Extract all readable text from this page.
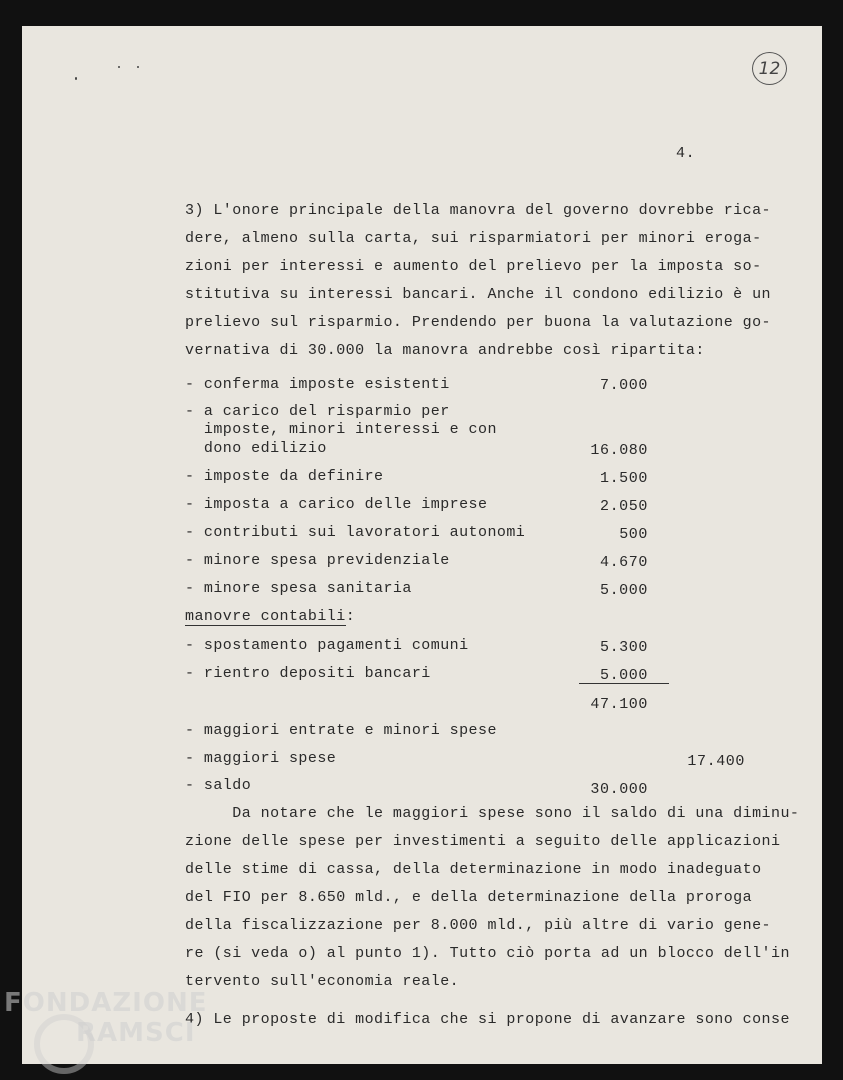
12
4.
3) L'onore principale della manovra del governo dovrebbe rica-
dere, almeno sulla carta, sui risparmiatori per minori eroga-
zioni per interessi e aumento del prelievo per la imposta so-
stitutiva su interessi bancari. Anche il condono edilizio è un
prelievo sul risparmio. Prendendo per buona la valutazione go-
vernativa di 30.000 la manovra andrebbe così ripartita:
- conferma imposte esistenti	7.000
- a carico del risparmio per
imposte, minori interessi e con
dono edilizio	16.080
- imposte da definire	1.500
- imposta a carico delle imprese	2.050
- contributi sui lavoratori autonomi	500
- minore spesa previdenziale	4.670
- minore spesa sanitaria	5.000
manovre contabili:
- spostamento pagamenti comuni	5.300
- rientro depositi bancari	5.000
47.100
- maggiori entrate e minori spese
- maggiori spese	17.400
- saldo	30.000
Da notare che le maggiori spese sono il saldo di una diminu-
zione delle spese per investimenti a seguito delle applicazioni
delle stime di cassa, della determinazione in modo inadeguato
del FIO per 8.650 mld., e della determinazione della proroga
della fiscalizzazione per 8.000 mld., più altre di vario gene-
re (si veda o) al punto 1). Tutto ciò porta ad un blocco dell'in
tervento sull'economia reale.
4) Le proposte di modifica che si propone di avanzare sono conse
FONDAZIONE
RAMSCI
